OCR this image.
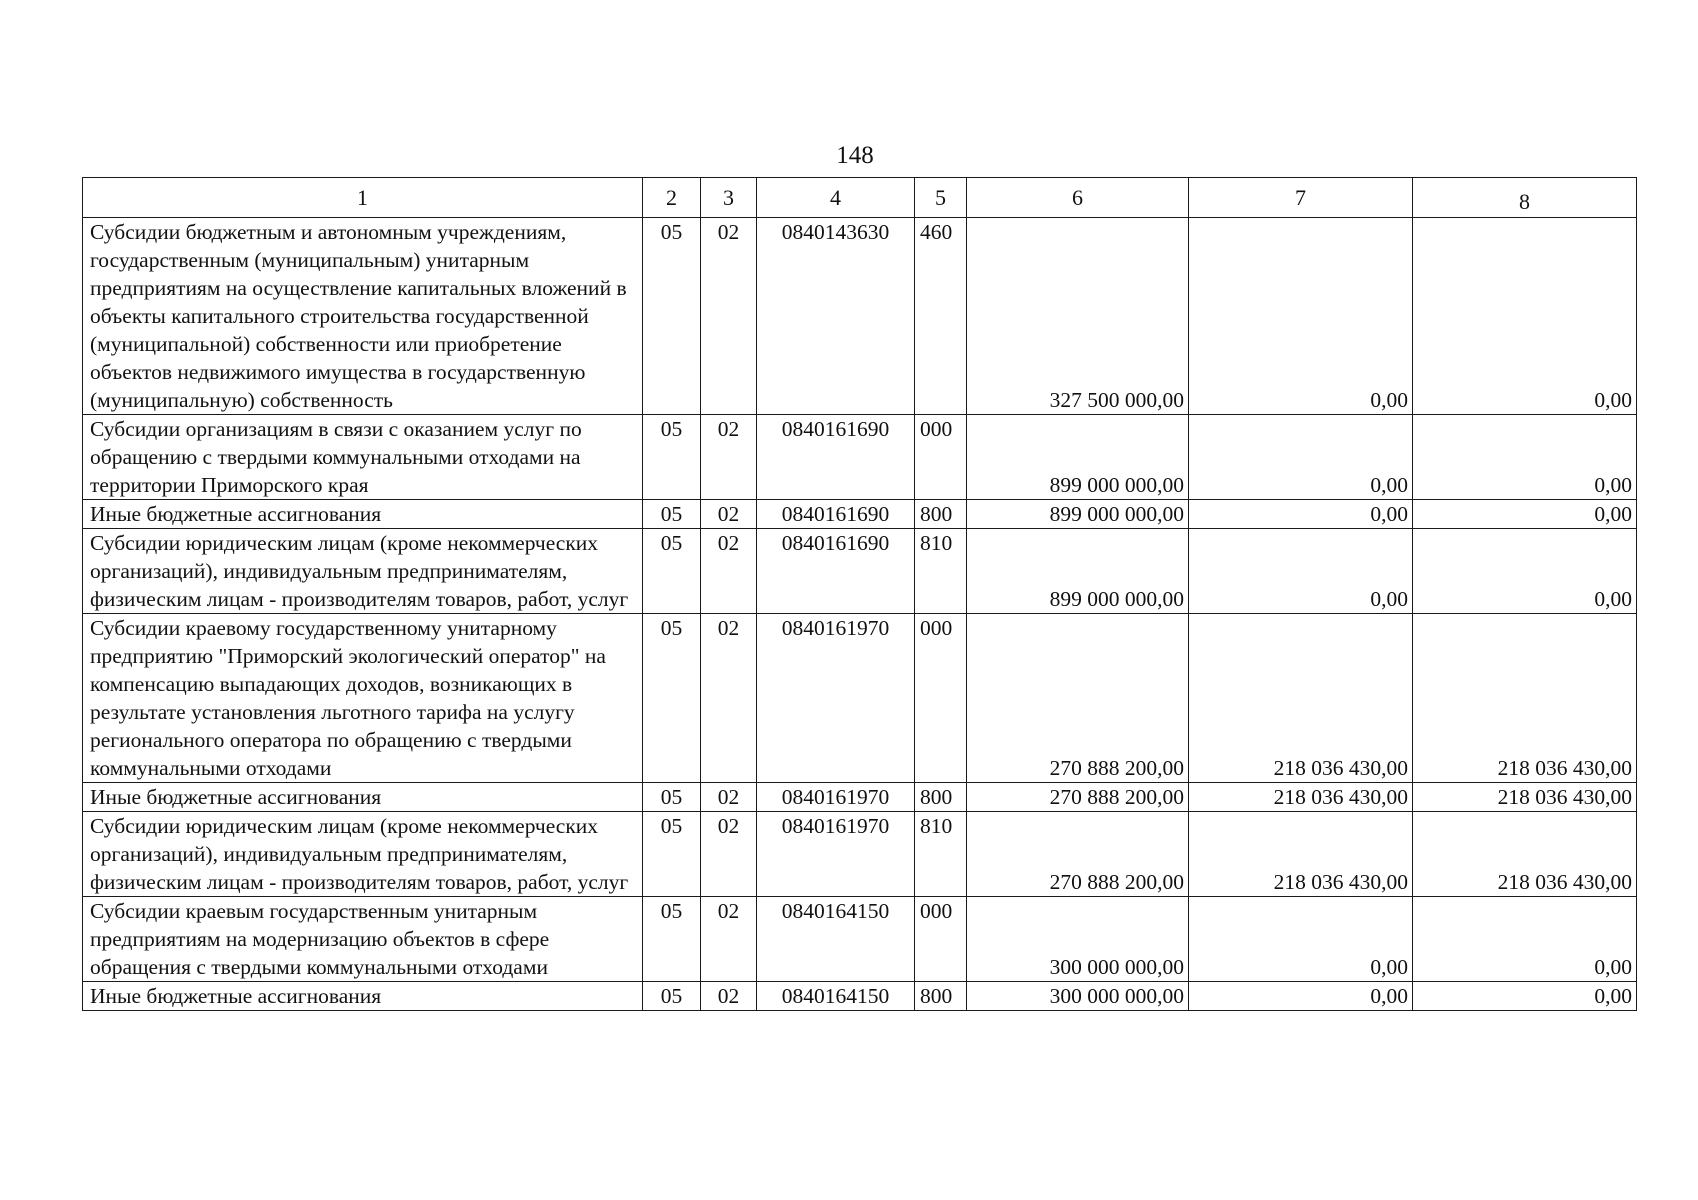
148
1	2	3	4	5	6	7	8
Субсидии бюджетным и автономным учреждениям, государственным (муниципальным) унитарным предприятиям на осуществление капитальных вложений в объекты капитального строительства государственной (муниципальной) собственности или приобретение объектов недвижимого имущества в государственную (муниципальную) собственность	05	02	0840143630	460	327 500 000,00	0,00	0,00
Субсидии организациям в связи с оказанием услуг по обращению с твердыми коммунальными отходами на территории Приморского края	05	02	0840161690	000	899 000 000,00	0,00	0,00
Иные бюджетные ассигнования	05	02	0840161690	800	899 000 000,00	0,00	0,00
Субсидии юридическим лицам (кроме некоммерческих организаций), индивидуальным предпринимателям, физическим лицам - производителям товаров, работ, услуг	05	02	0840161690	810	899 000 000,00	0,00	0,00
Субсидии краевому государственному унитарному предприятию "Приморский экологический оператор" на компенсацию выпадающих доходов, возникающих в результате установления льготного тарифа на услугу регионального оператора по обращению с твердыми коммунальными отходами	05	02	0840161970	000	270 888 200,00	218 036 430,00	218 036 430,00
Иные бюджетные ассигнования	05	02	0840161970	800	270 888 200,00	218 036 430,00	218 036 430,00
Субсидии юридическим лицам (кроме некоммерческих организаций), индивидуальным предпринимателям, физическим лицам - производителям товаров, работ, услуг	05	02	0840161970	810	270 888 200,00	218 036 430,00	218 036 430,00
Субсидии краевым государственным унитарным предприятиям на модернизацию объектов в сфере обращения с твердыми коммунальными отходами	05	02	0840164150	000	300 000 000,00	0,00	0,00
Иные бюджетные ассигнования	05	02	0840164150	800	300 000 000,00	0,00	0,00
